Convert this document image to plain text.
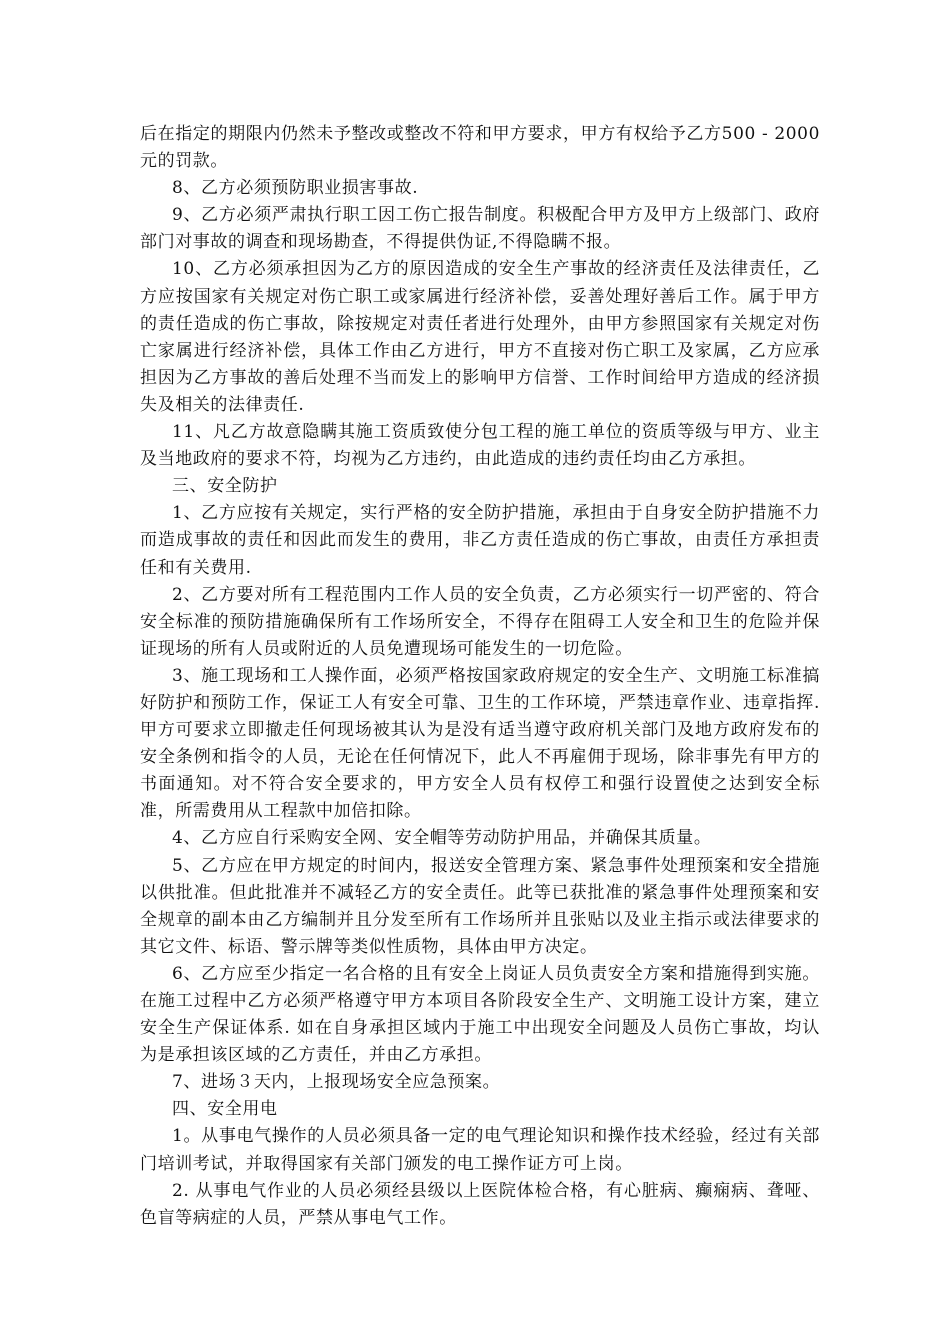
后在指定的期限内仍然未予整改或整改不符和甲方要求，甲方有权给予乙方500 - 2000元的罚款。

8、乙方必须预防职业损害事故.

9、乙方必须严肃执行职工因工伤亡报告制度。积极配合甲方及甲方上级部门、政府部门对事故的调查和现场勘查，不得提供伪证,不得隐瞒不报。

10、乙方必须承担因为乙方的原因造成的安全生产事故的经济责任及法律责任，乙方应按国家有关规定对伤亡职工或家属进行经济补偿，妥善处理好善后工作。属于甲方的责任造成的伤亡事故，除按规定对责任者进行处理外，由甲方参照国家有关规定对伤亡家属进行经济补偿，具体工作由乙方进行，甲方不直接对伤亡职工及家属，乙方应承担因为乙方事故的善后处理不当而发上的影响甲方信誉、工作时间给甲方造成的经济损失及相关的法律责任.

11、凡乙方故意隐瞒其施工资质致使分包工程的施工单位的资质等级与甲方、业主及当地政府的要求不符，均视为乙方违约，由此造成的违约责任均由乙方承担。

三、安全防护

1、乙方应按有关规定，实行严格的安全防护措施，承担由于自身安全防护措施不力而造成事故的责任和因此而发生的费用，非乙方责任造成的伤亡事故，由责任方承担责任和有关费用.

2、乙方要对所有工程范围内工作人员的安全负责，乙方必须实行一切严密的、符合安全标准的预防措施确保所有工作场所安全，不得存在阻碍工人安全和卫生的危险并保证现场的所有人员或附近的人员免遭现场可能发生的一切危险。

3、施工现场和工人操作面，必须严格按国家政府规定的安全生产、文明施工标准搞好防护和预防工作，保证工人有安全可靠、卫生的工作环境，严禁违章作业、违章指挥. 甲方可要求立即撤走任何现场被其认为是没有适当遵守政府机关部门及地方政府发布的安全条例和指令的人员，无论在任何情况下，此人不再雇佣于现场，除非事先有甲方的书面通知。对不符合安全要求的，甲方安全人员有权停工和强行设置使之达到安全标准，所需费用从工程款中加倍扣除。

4、乙方应自行采购安全网、安全帽等劳动防护用品，并确保其质量。

5、乙方应在甲方规定的时间内，报送安全管理方案、紧急事件处理预案和安全措施以供批准。但此批准并不减轻乙方的安全责任。此等已获批准的紧急事件处理预案和安全规章的副本由乙方编制并且分发至所有工作场所并且张贴以及业主指示或法律要求的其它文件、标语、警示牌等类似性质物，具体由甲方决定。

6、乙方应至少指定一名合格的且有安全上岗证人员负责安全方案和措施得到实施。在施工过程中乙方必须严格遵守甲方本项目各阶段安全生产、文明施工设计方案，建立安全生产保证体系. 如在自身承担区域内于施工中出现安全问题及人员伤亡事故，均认为是承担该区域的乙方责任，并由乙方承担。

7、进场３天内，上报现场安全应急预案。

四、安全用电

1。从事电气操作的人员必须具备一定的电气理论知识和操作技术经验，经过有关部门培训考试，并取得国家有关部门颁发的电工操作证方可上岗。

2. 从事电气作业的人员必须经县级以上医院体检合格，有心脏病、癫痫病、聋哑、色盲等病症的人员，严禁从事电气工作。
